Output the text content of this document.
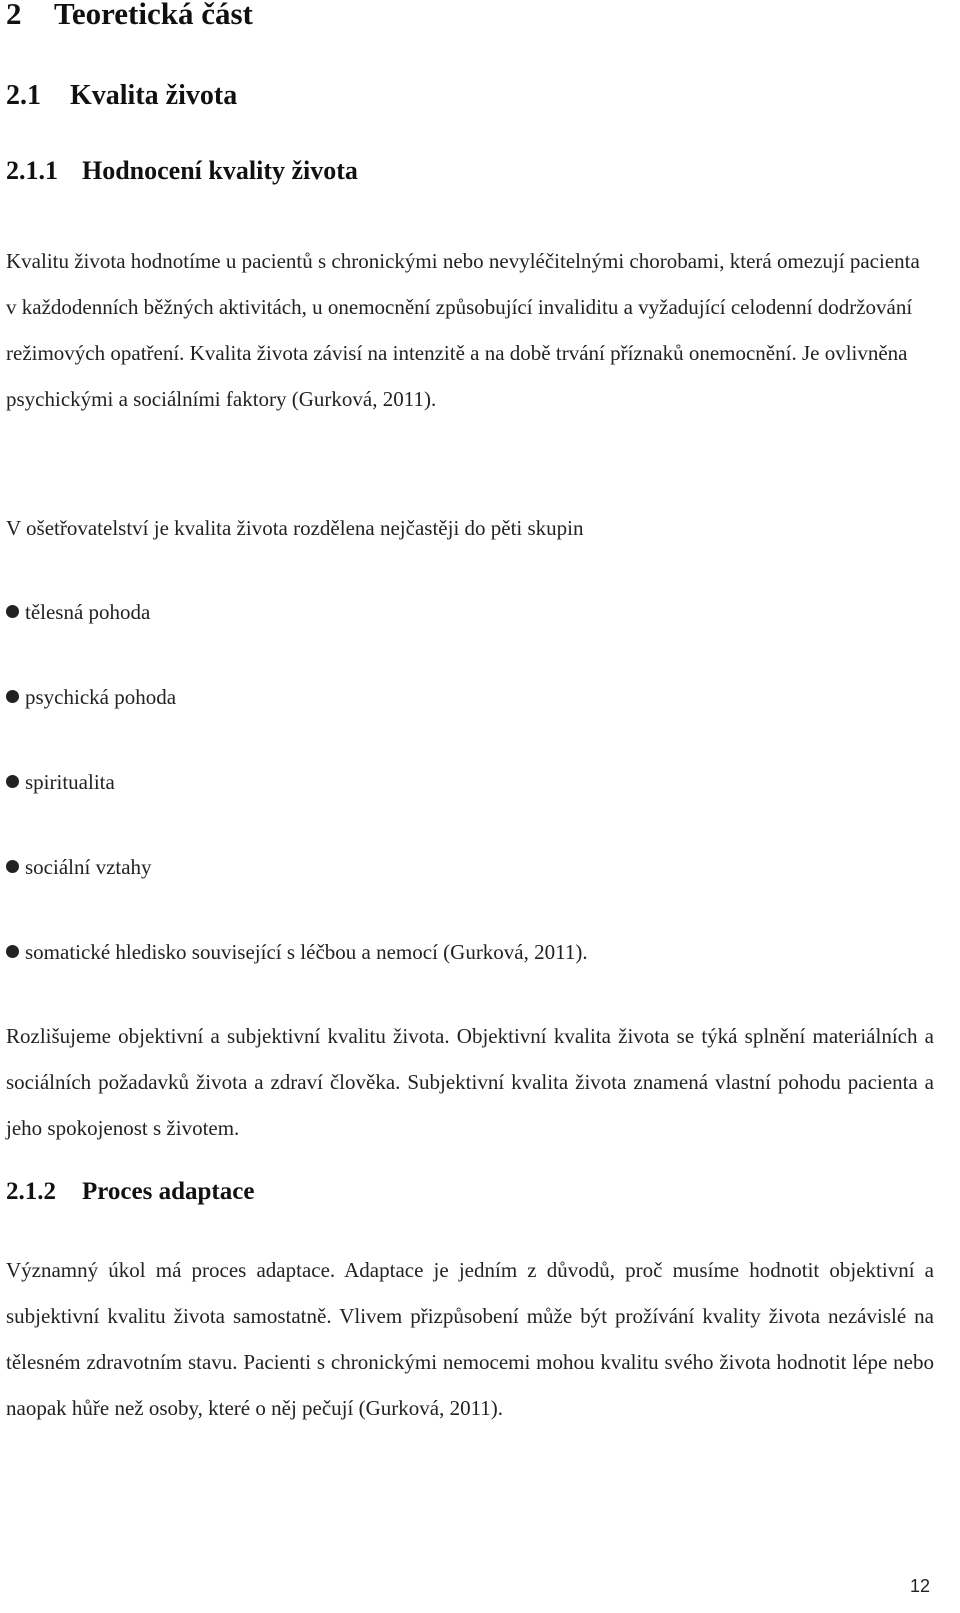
2 Teoretická část
2.1 Kvalita života
2.1.1 Hodnocení kvality života

Kvalitu života hodnotíme u pacientů s chronickými nebo nevyléčitelnými chorobami, která omezují pacienta v každodenních běžných aktivitách, u onemocnění způsobující invaliditu a vyžadující celodenní dodržování režimových opatření. Kvalita života závisí na intenzitě a na době trvání příznaků onemocnění. Je ovlivněna psychickými a sociálními faktory (Gurková, 2011).

V ošetřovatelství je kvalita života rozdělena nejčastěji do pěti skupin

tělesná pohoda
psychická pohoda
spiritualita
sociální vztahy
somatické hledisko související s léčbou a nemocí (Gurková, 2011).

Rozlišujeme objektivní a subjektivní kvalitu života. Objektivní kvalita života se týká splnění materiálních a sociálních požadavků života a zdraví člověka. Subjektivní kvalita života znamená vlastní pohodu pacienta a jeho spokojenost s životem.

2.1.2 Proces adaptace

Významný úkol má proces adaptace. Adaptace je jedním z důvodů, proč musíme hodnotit objektivní a subjektivní kvalitu života samostatně. Vlivem přizpůsobení může být prožívání kvality života nezávislé na tělesném zdravotním stavu. Pacienti s chronickými nemocemi mohou kvalitu svého života hodnotit lépe nebo naopak hůře než osoby, které o něj pečují (Gurková, 2011).

12
